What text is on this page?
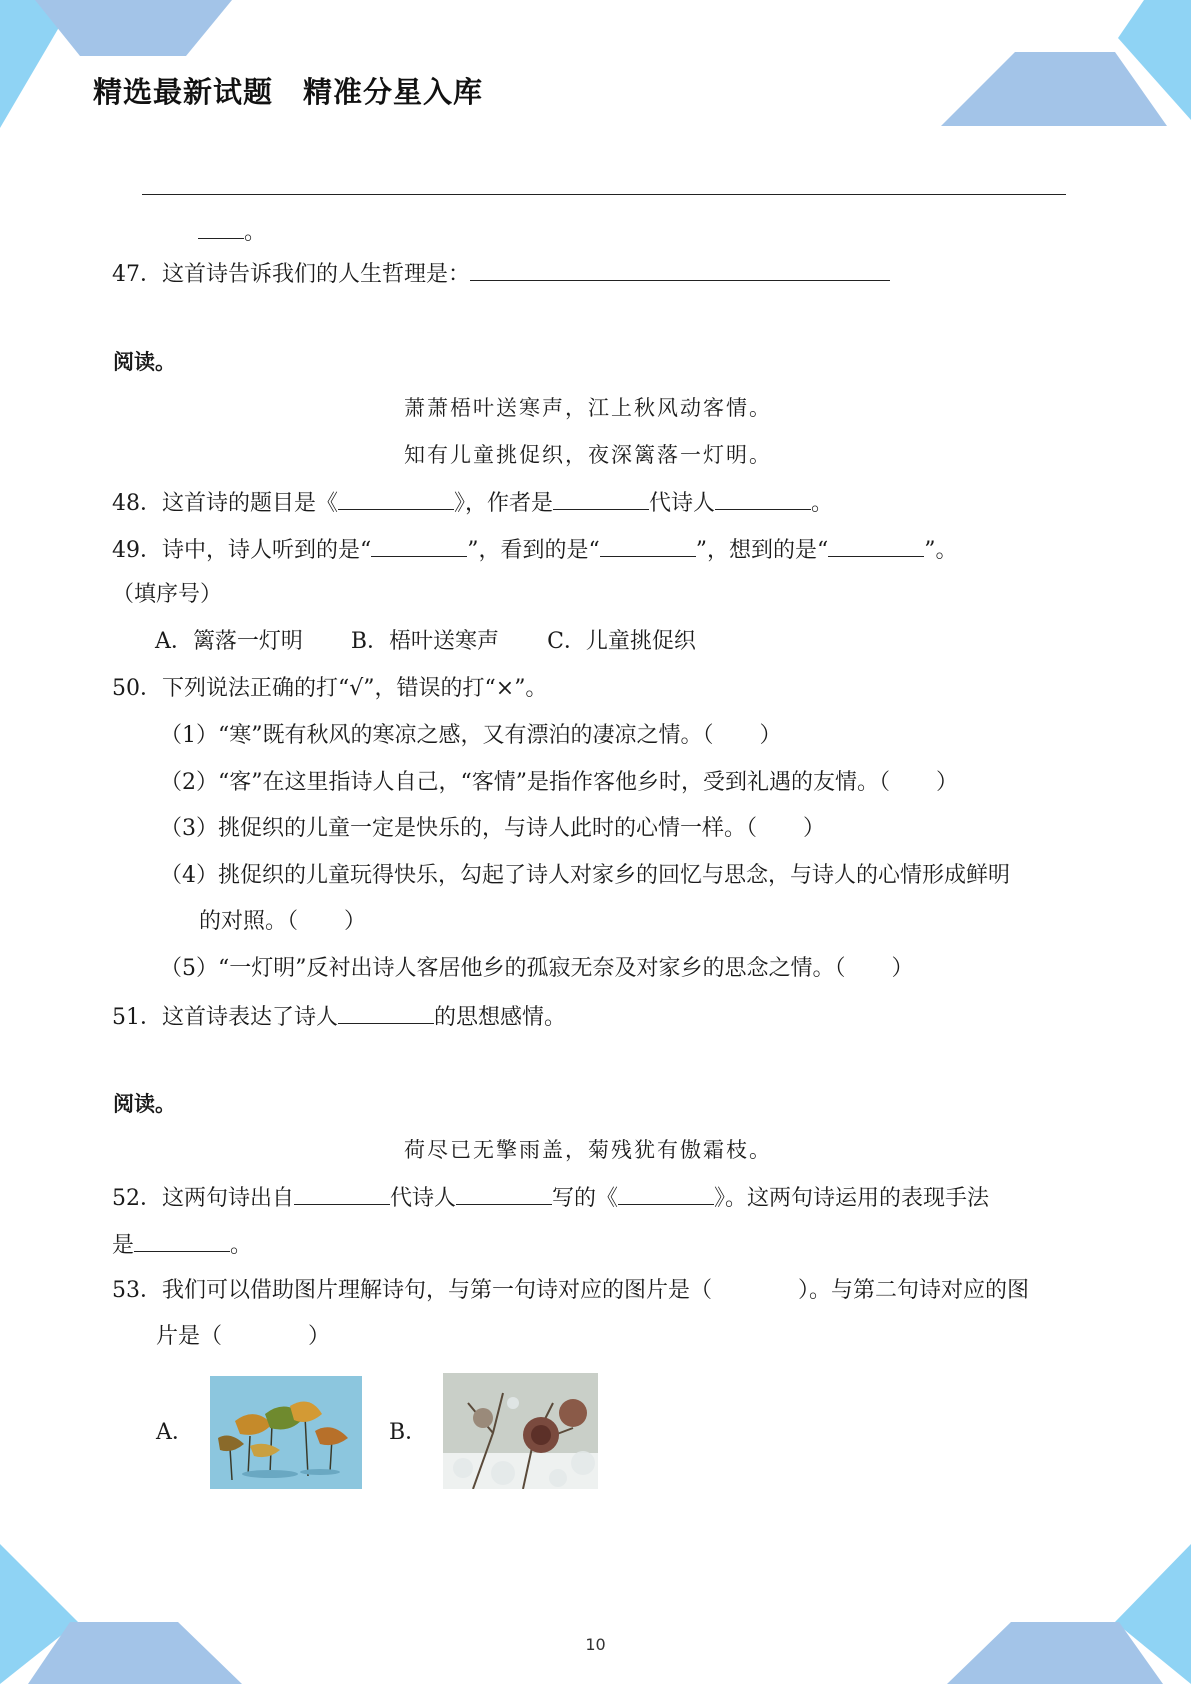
精选最新试题　精准分星入库
。
47．这首诗告诉我们的人生哲理是：
阅读。
萧萧梧叶送寒声，江上秋风动客情。
知有儿童挑促织，夜深篱落一灯明。
48．这首诗的题目是《	》，作者是	代诗人	。
49．诗中，诗人听到的是“	”，看到的是“	”，想到的是“	”。
（填序号）
A．篱落一灯明 B．梧叶送寒声 C．儿童挑促织
50．下列说法正确的打“√”，错误的打“×”。
（1）“寒”既有秋风的寒凉之感，又有漂泊的凄凉之情。（ ）
（2）“客”在这里指诗人自己，“客情”是指作客他乡时，受到礼遇的友情。（ ）
（3）挑促织的儿童一定是快乐的，与诗人此时的心情一样。（ ）
（4）挑促织的儿童玩得快乐，勾起了诗人对家乡的回忆与思念，与诗人的心情形成鲜明
的对照。（ ）
（5）“一灯明”反衬出诗人客居他乡的孤寂无奈及对家乡的思念之情。（ ）
51．这首诗表达了诗人	的思想感情。
阅读。
荷尽已无擎雨盖，菊残犹有傲霜枝。
52．这两句诗出自	代诗人	写的《	》。这两句诗运用的表现手法
是	。
53．我们可以借助图片理解诗句，与第一句诗对应的图片是（	）。与第二句诗对应的图
片是（	）
A．	B．
10
